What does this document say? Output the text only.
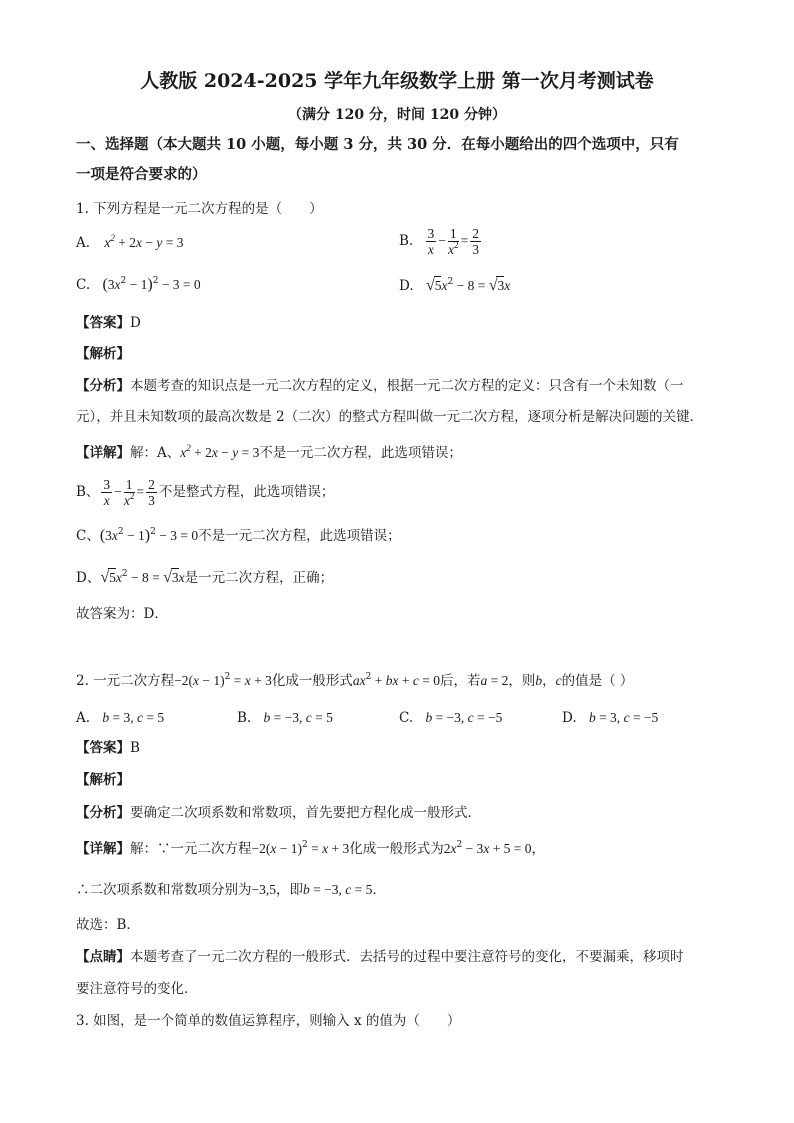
人教版 2024-2025 学年九年级数学上册 第一次月考测试卷
（满分 120 分，时间 120 分钟）
一、选择题（本大题共 10 小题，每小题 3 分，共 30 分．在每小题给出的四个选项中，只有
一项是符合要求的）
1. 下列方程是一元二次方程的是（　　）
A. $x^2 + 2x - y = 3$	B. $\frac{3}{x} - \frac{1}{x^2} = \frac{2}{3}$
C. $(3x^2 - 1)^2 - 3 = 0$	D. $√5x^2 - 8 = √3x$
【答案】D
【解析】
【分析】本题考查的知识点是一元二次方程的定义，根据一元二次方程的定义：只含有一个未知数（一
元），并且未知数项的最高次数是 2（二次）的整式方程叫做一元二次方程，逐项分析是解决问题的关键．
【详解】解：A、$x^2 + 2x - y = 3$不是一元二次方程，此选项错误；
B、 $\frac{3}{x} - \frac{1}{x^2} = \frac{2}{3}$ 不是整式方程，此选项错误；
C、$(3x^2 - 1)^2 - 3 = 0$不是一元二次方程，此选项错误；
D、$√5x^2 - 8 = √3x$是一元二次方程，正确；
故答案为：D．
2. 一元二次方程$-2(x - 1)^2 = x + 3$化成一般形式$ax^2$ + bx + c = 0后，若a = 2，则b，c的值是（ ）
A. b = 3, c = 5	B. b = −3, c = 5	C. b = −3, c = −5	D. b = 3, c = −5
【答案】B
【解析】
【分析】要确定二次项系数和常数项，首先要把方程化成一般形式．
【详解】解：∵一元二次方程$-2(x - 1)^2 = x + 3$化成一般形式为$2x^2 - 3x + 5 = 0$，
∴二次项系数和常数项分别为−3,5，即b = −3, c = 5．
故选：B．
【点睛】本题考查了一元二次方程的一般形式．去括号的过程中要注意符号的变化，不要漏乘，移项时
要注意符号的变化．
3. 如图，是一个简单的数值运算程序，则输入 x 的值为（　　）
